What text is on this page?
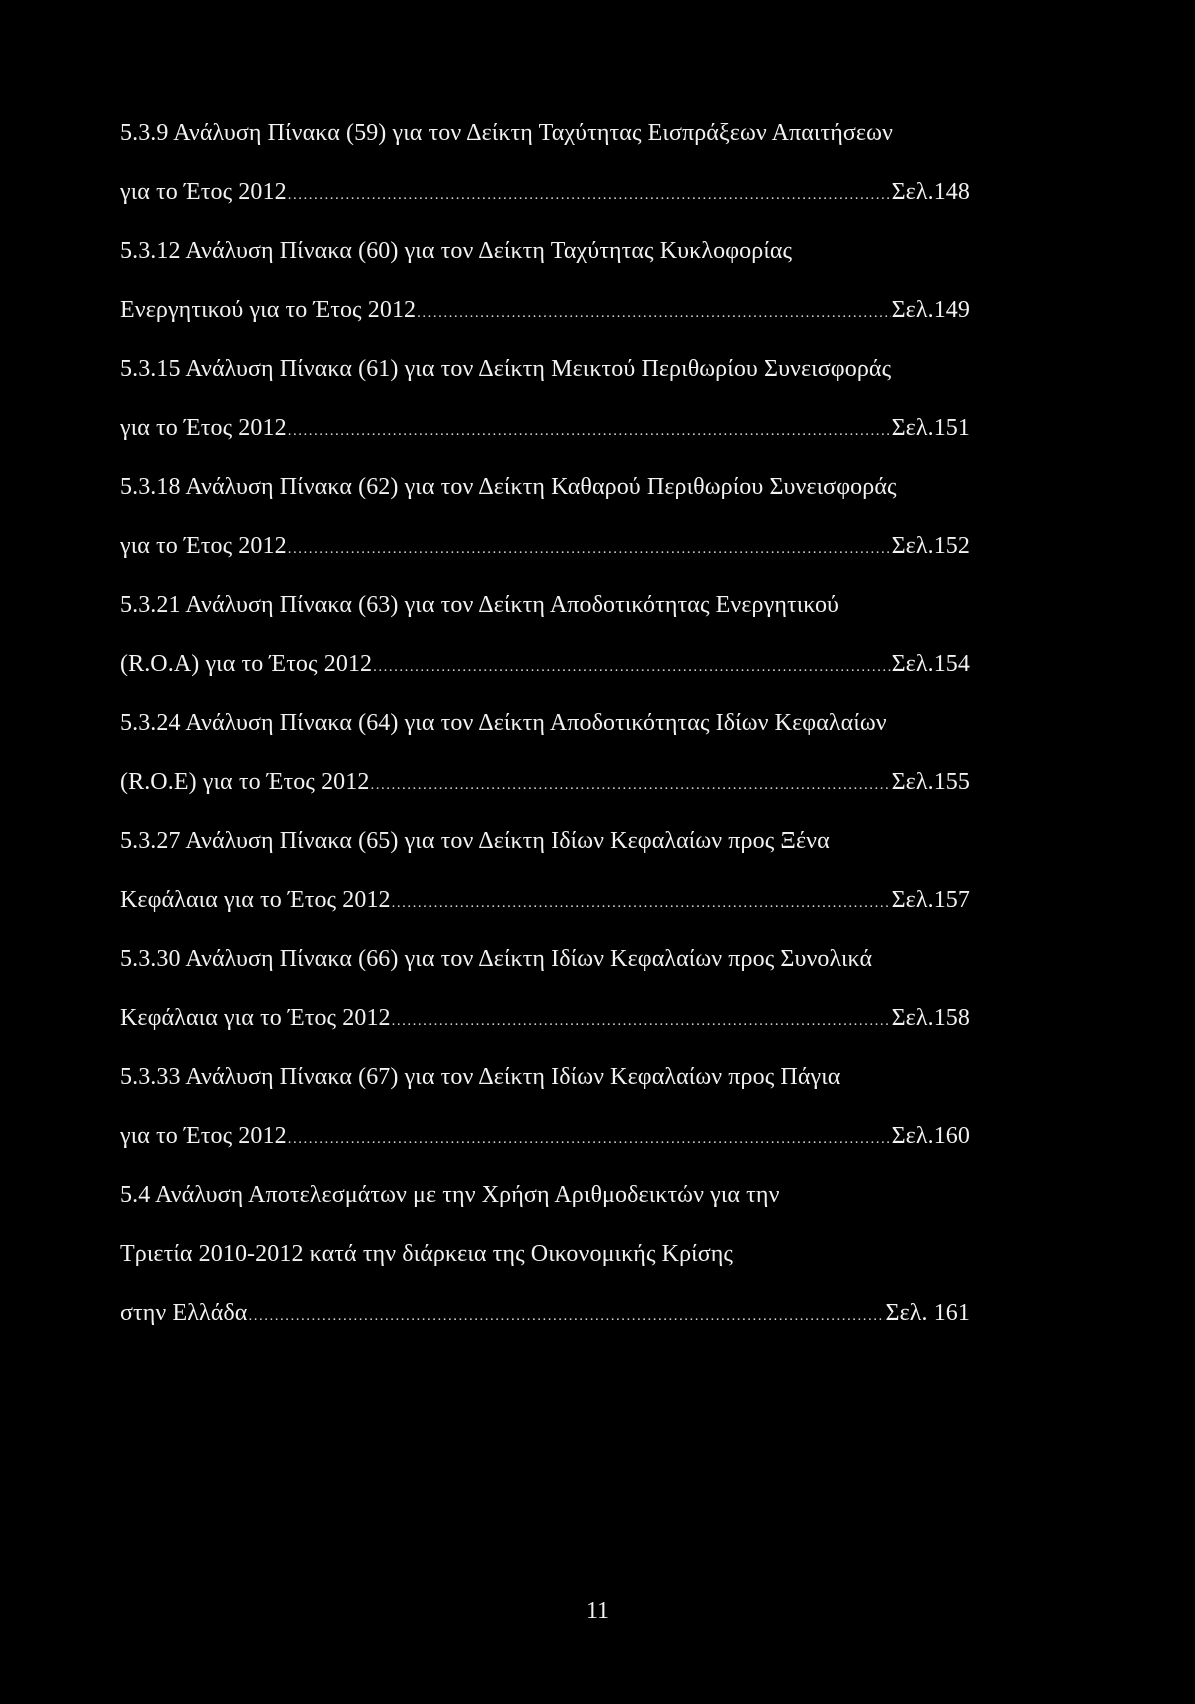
5.3.9 Ανάλυση Πίνακα (59) για τον Δείκτη Ταχύτητας Εισπράξεων Απαιτήσεων
για το Έτος 2012 .....	Σελ.148
5.3.12 Ανάλυση Πίνακα (60) για τον Δείκτη Ταχύτητας Κυκλοφορίας
Ενεργητικού για το Έτος 2012 .....	Σελ.149
5.3.15 Ανάλυση Πίνακα (61) για τον Δείκτη Μεικτού Περιθωρίου Συνεισφοράς
για το Έτος 2012 .....	Σελ.151
5.3.18 Ανάλυση Πίνακα (62) για τον Δείκτη Καθαρού Περιθωρίου Συνεισφοράς
για το Έτος 2012 .....	Σελ.152
5.3.21 Ανάλυση Πίνακα (63) για τον Δείκτη Αποδοτικότητας Ενεργητικού
(R.O.A) για το Έτος 2012 .....	Σελ.154
5.3.24 Ανάλυση Πίνακα (64) για τον Δείκτη Αποδοτικότητας Ιδίων Κεφαλαίων
(R.O.E) για το Έτος 2012 .....	Σελ.155
5.3.27 Ανάλυση Πίνακα (65) για τον Δείκτη Ιδίων Κεφαλαίων προς Ξένα
Κεφάλαια για το Έτος 2012 .....	Σελ.157
5.3.30 Ανάλυση Πίνακα (66) για τον Δείκτη Ιδίων Κεφαλαίων προς Συνολικά
Κεφάλαια για το Έτος 2012 .....	Σελ.158
5.3.33 Ανάλυση Πίνακα (67) για τον Δείκτη Ιδίων Κεφαλαίων προς Πάγια
για το Έτος 2012 .....	Σελ.160
5.4 Ανάλυση Αποτελεσμάτων με την Χρήση Αριθμοδεικτών για την
Τριετία 2010-2012 κατά την διάρκεια της Οικονομικής Κρίσης
στην Ελλάδα .....	Σελ. 161
11
